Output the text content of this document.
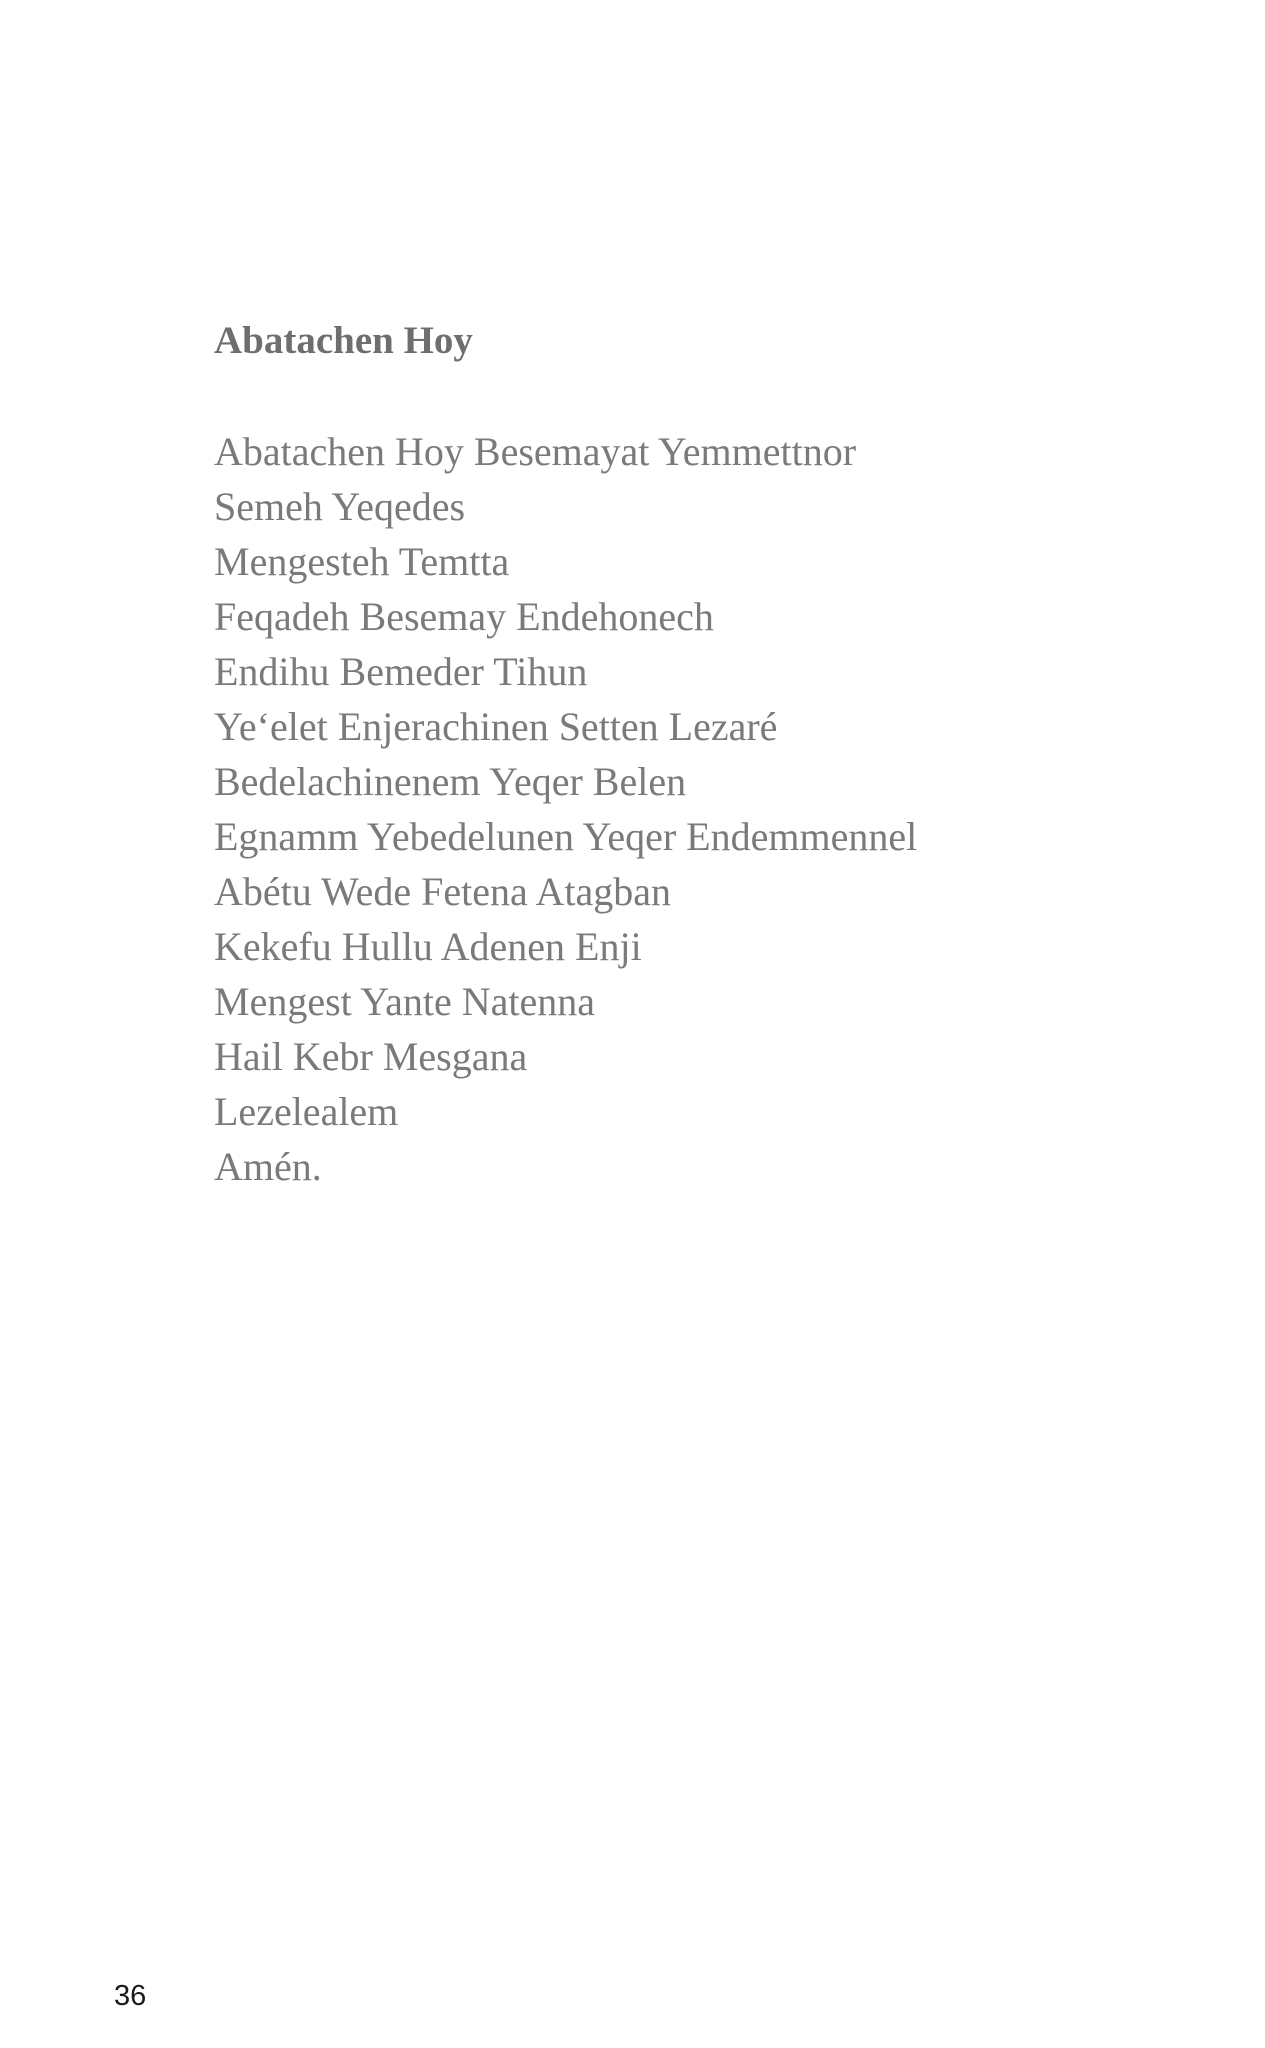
Abatachen Hoy
Abatachen Hoy Besemayat Yemmettnor
Semeh Yeqedes
Mengesteh Temtta
Feqadeh Besemay Endehonech
Endihu Bemeder Tihun
Ye‘elet Enjerachinen Setten Lezaré
Bedelachinenem Yeqer Belen
Egnamm Yebedelunen Yeqer Endemmennel
Abétu Wede Fetena Atagban
Kekefu Hullu Adenen Enji
Mengest Yante Natenna
Hail Kebr Mesgana
Lezelealem
Amén.
36
